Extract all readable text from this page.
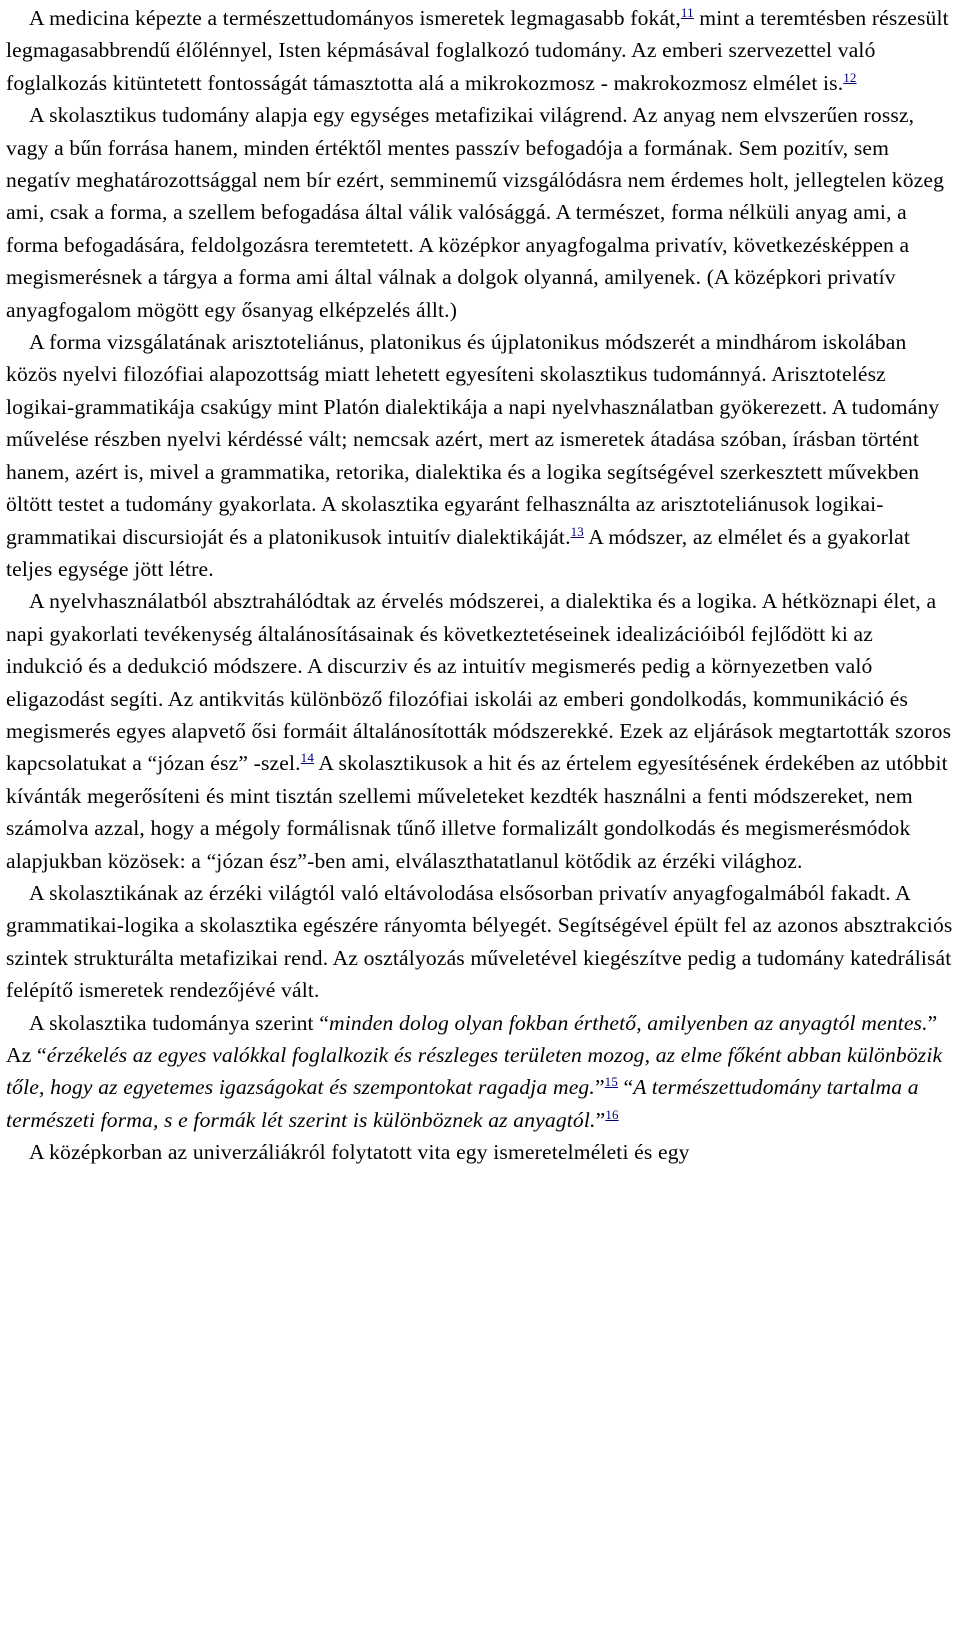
A medicina képezte a természettudományos ismeretek legmagasabb fokát,$^{11}$ mint a teremtésben részesült legmagasabbrendű élőlénnyel, Isten képmásával foglalkozó tudomány. Az emberi szervezettel való foglalkozás kitüntetett fontosságát támasztotta alá a mikrokozmosz - makrokozmosz elmélet is.$^{12}$

A skolasztikus tudomány alapja egy egységes metafizikai világrend. Az anyag nem elvszerűen rossz, vagy a bűn forrása hanem, minden értéktől mentes passzív befogadója a formának. Sem pozitív, sem negatív meghatározottsággal nem bír ezért, semminemű vizsgálódásra nem érdemes holt, jellegtelen közeg ami, csak a forma, a szellem befogadása által válik valósággá. A természet, forma nélküli anyag ami, a forma befogadására, feldolgozásra teremtetett. A középkor anyagfogalma privatív, következésképpen a megismerésnek a tárgya a forma ami által válnak a dolgok olyanná, amilyenek. (A középkori privatív anyagfogalom mögött egy ősanyag elképzelés állt.)

A forma vizsgálatának arisztoteliánus, platonikus és újplatonikus módszerét a mindhárom iskolában közös nyelvi filozófiai alapozottság miatt lehetett egyesíteni skolasztikus tudománnyá. Arisztotelész logikai-grammatikája csakúgy mint Platón dialektikája a napi nyelvhasználatban gyökerezett. A tudomány művelése részben nyelvi kérdéssé vált; nemcsak azért, mert az ismeretek átadása szóban, írásban történt hanem, azért is, mivel a grammatika, retorika, dialektika és a logika segítségével szerkesztett művekben öltött testet a tudomány gyakorlata. A skolasztika egyaránt felhasználta az arisztoteliánusok logikai-grammatikai discursioját és a platonikusok intuitív dialektikáját.$^{13}$ A módszer, az elmélet és a gyakorlat teljes egysége jött létre.

A nyelvhasználatból absztrahálódtak az érvelés módszerei, a dialektika és a logika. A hétköznapi élet, a napi gyakorlati tevékenység általánosításainak és következtetéseinek idealizációiból fejlődött ki az indukció és a dedukció módszere. A discurziv és az intuitív megismerés pedig a környezetben való eligazodást segíti. Az antikvitás különböző filozófiai iskolái az emberi gondolkodás, kommunikáció és megismerés egyes alapvető ősi formáit általánosították módszerekké. Ezek az eljárások megtartották szoros kapcsolatukat a “józan ész” -szel.$^{14}$ A skolasztikusok a hit és az értelem egyesítésének érdekében az utóbbit kívánták megerősíteni és mint tisztán szellemi műveleteket kezdték használni a fenti módszereket, nem számolva azzal, hogy a mégoly formálisnak tűnő illetve formalizált gondolkodás és megismerésmódok alapjukban közösek: a “józan ész”-ben ami, elválaszthatatlanul kötődik az érzéki világhoz.

A skolasztikának az érzéki világtól való eltávolodása elsősorban privatív anyagfogalmából fakadt. A grammatikai-logika a skolasztika egészére rányomta bélyegét. Segítségével épült fel az azonos absztrakciós szintek strukturálta metafizikai rend. Az osztályozás műveletével kiegészítve pedig a tudomány katedrálisát felépítő ismeretek rendezőjévé vált.

A skolasztika tudománya szerint “minden dolog olyan fokban érthető, amilyenben az anyagtól mentes.” Az “érzékelés az egyes valókkal foglalkozik és részleges területen mozog, az elme főként abban különbözik tőle, hogy az egyetemes igazságokat és szempontokat ragadja meg.”$^{15}$ “A természettudomány tartalma a természeti forma, s e formák lét szerint is különböznek az anyagtól.”$^{16}$

A középkorban az univerzáliákról folytatott vita egy ismeretelméleti és egy
